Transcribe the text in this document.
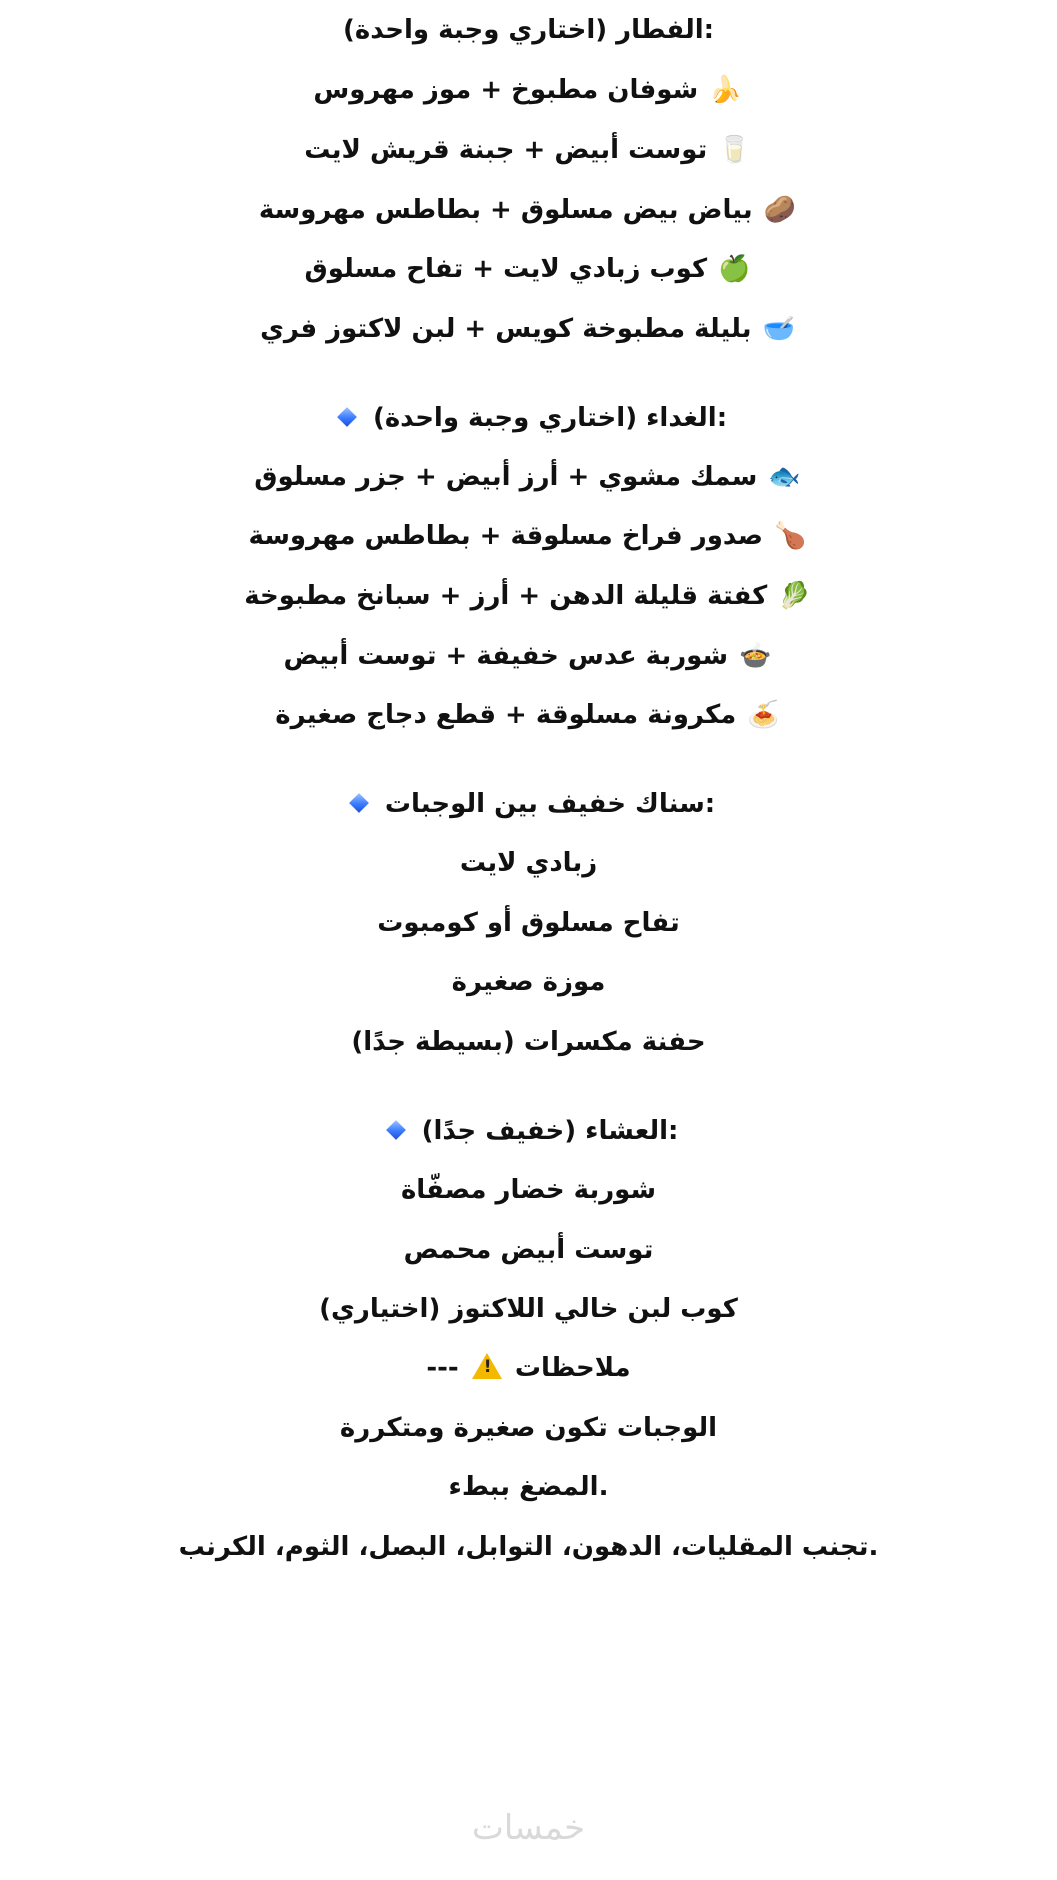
:الفطار (اختاري وجبة واحدة)
🍌 شوفان مطبوخ + موز مهروس
🥛 توست أبيض + جبنة قريش لايت
🥔 بياض بيض مسلوق + بطاطس مهروسة
🍏 كوب زبادي لايت + تفاح مسلوق
🥣 بليلة مطبوخة كويس + لبن لاكتوز فري
:الغداء (اختاري وجبة واحدة)
🐟 سمك مشوي + أرز أبيض + جزر مسلوق
🍗 صدور فراخ مسلوقة + بطاطس مهروسة
🥬 كفتة قليلة الدهن + أرز + سبانخ مطبوخة
🍲 شوربة عدس خفيفة + توست أبيض
🍝 مكرونة مسلوقة + قطع دجاج صغيرة
:سناك خفيف بين الوجبات
زبادي لايت
تفاح مسلوق أو كومبوت
موزة صغيرة
حفنة مكسرات (بسيطة جدًا)
:العشاء (خفيف جدًا)
شوربة خضار مصفّاة
توست أبيض محمص
كوب لبن خالي اللاكتوز (اختياري)
ملاحظات ! ---
الوجبات تكون صغيرة ومتكررة
.المضغ ببطء
خمسات
.تجنب المقليات، الدهون، التوابل، البصل، الثوم، الكرنب
